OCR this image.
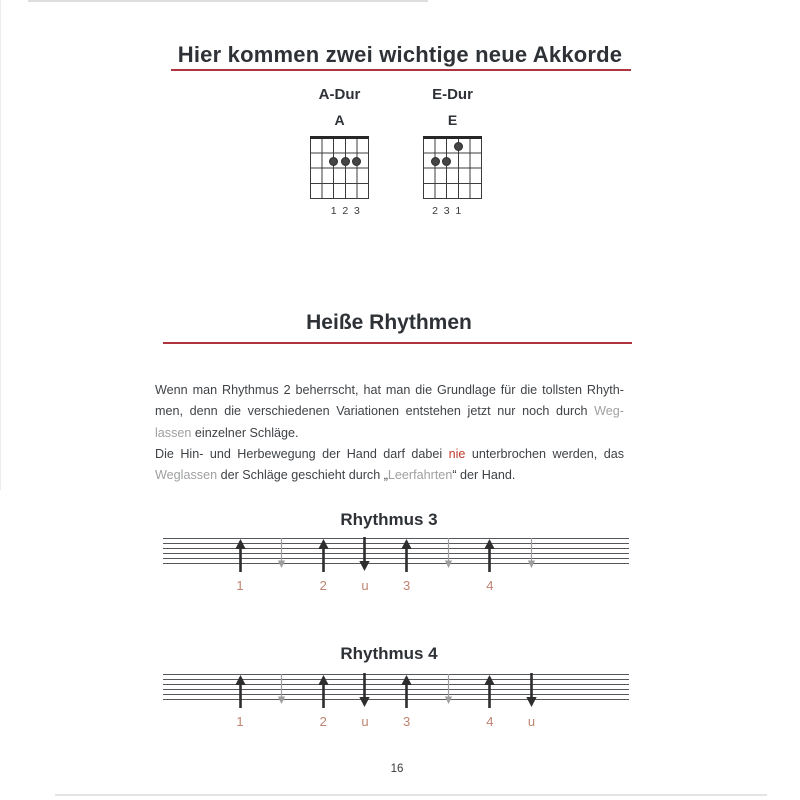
Hier kommen zwei wichtige neue Akkorde
A-Dur	E-Dur
A	E
1 2 3	2 3 1
Heiße Rhythmen
Wenn man Rhythmus 2 beherrscht, hat man die Grundlage für die tollsten Rhyth-
men, denn die verschiedenen Variationen entstehen jetzt nur noch durch Weg-
lassen einzelner Schläge.
Die Hin- und Herbewegung der Hand darf dabei nie unterbrochen werden, das
Weglassen der Schläge geschieht durch „Leerfahrten“ der Hand.
Rhythmus 3
1	2	u	3	4
Rhythmus 4
1	2	u	3	4	u
16
